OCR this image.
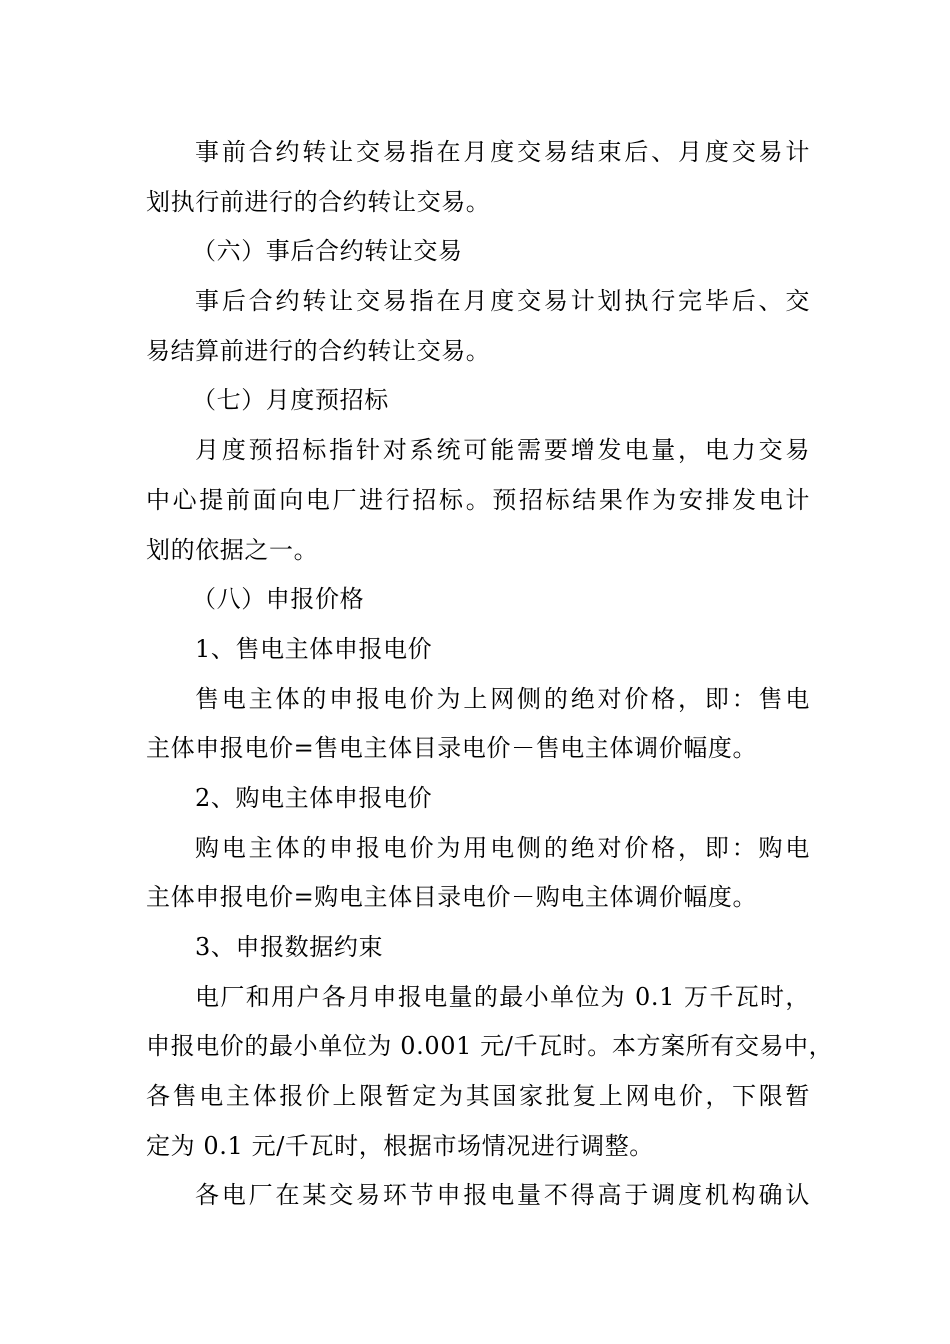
事前合约转让交易指在月度交易结束后、月度交易计
划执行前进行的合约转让交易。
（六）事后合约转让交易
事后合约转让交易指在月度交易计划执行完毕后、交
易结算前进行的合约转让交易。
（七）月度预招标
月度预招标指针对系统可能需要增发电量，电力交易
中心提前面向电厂进行招标。预招标结果作为安排发电计
划的依据之一。
（八）申报价格
1、售电主体申报电价
售电主体的申报电价为上网侧的绝对价格，即：售电
主体申报电价=售电主体目录电价－售电主体调价幅度。
2、购电主体申报电价
购电主体的申报电价为用电侧的绝对价格，即：购电
主体申报电价=购电主体目录电价－购电主体调价幅度。
3、申报数据约束
电厂和用户各月申报电量的最小单位为 0.1 万千瓦时，
申报电价的最小单位为 0.001 元/千瓦时。本方案所有交易中，
各售电主体报价上限暂定为其国家批复上网电价，下限暂
定为 0.1 元/千瓦时，根据市场情况进行调整。
各电厂在某交易环节申报电量不得高于调度机构确认
